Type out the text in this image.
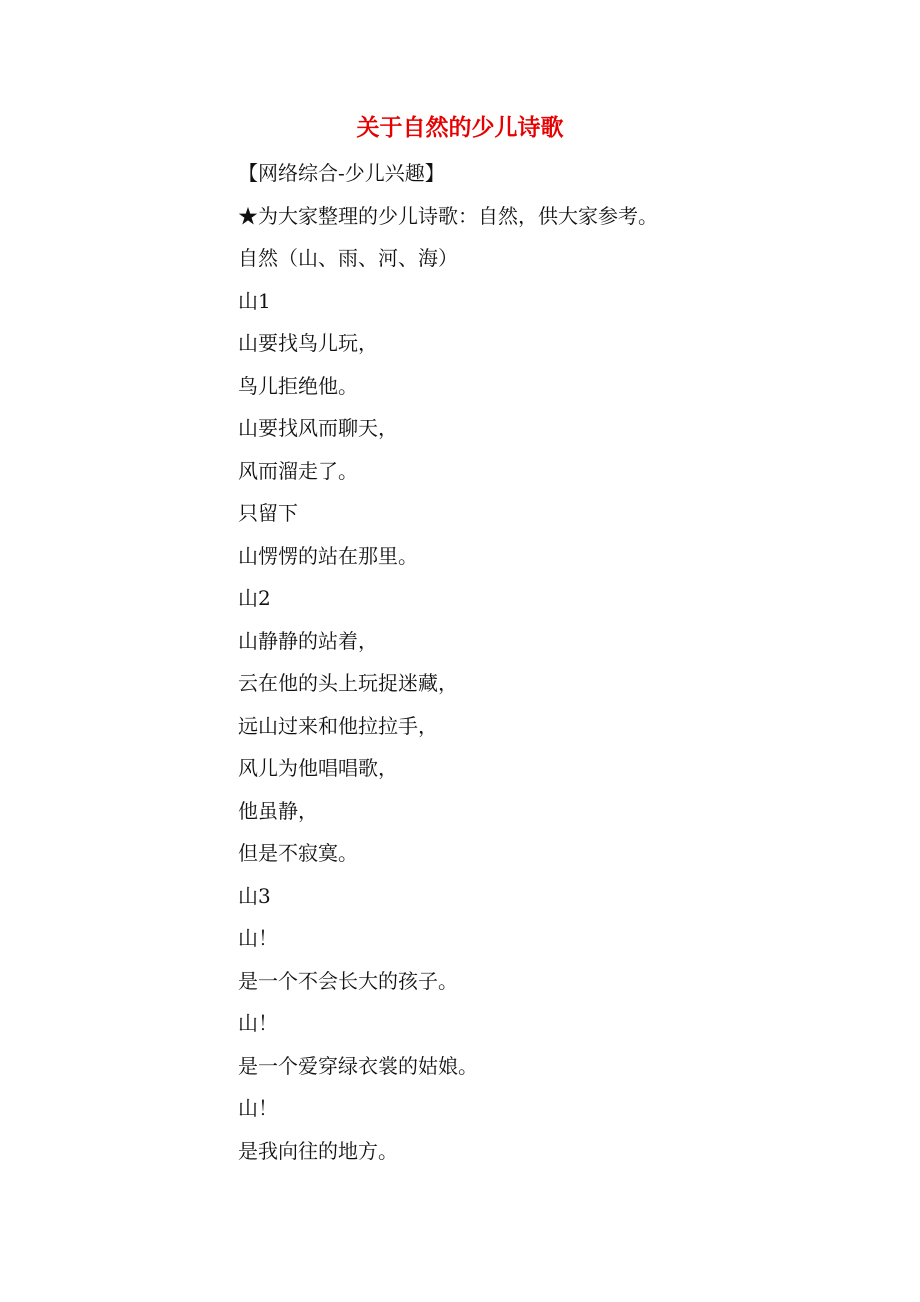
关于自然的少儿诗歌
【网络综合-少儿兴趣】
★为大家整理的少儿诗歌：自然，供大家参考。
自然（山、雨、河、海）
山1
山要找鸟儿玩，
鸟儿拒绝他。
山要找风而聊天，
风而溜走了。
只留下
山愣愣的站在那里。
山2
山静静的站着，
云在他的头上玩捉迷藏，
远山过来和他拉拉手，
风儿为他唱唱歌，
他虽静，
但是不寂寞。
山3
山！
是一个不会长大的孩子。
山！
是一个爱穿绿衣裳的姑娘。
山！
是我向往的地方。
